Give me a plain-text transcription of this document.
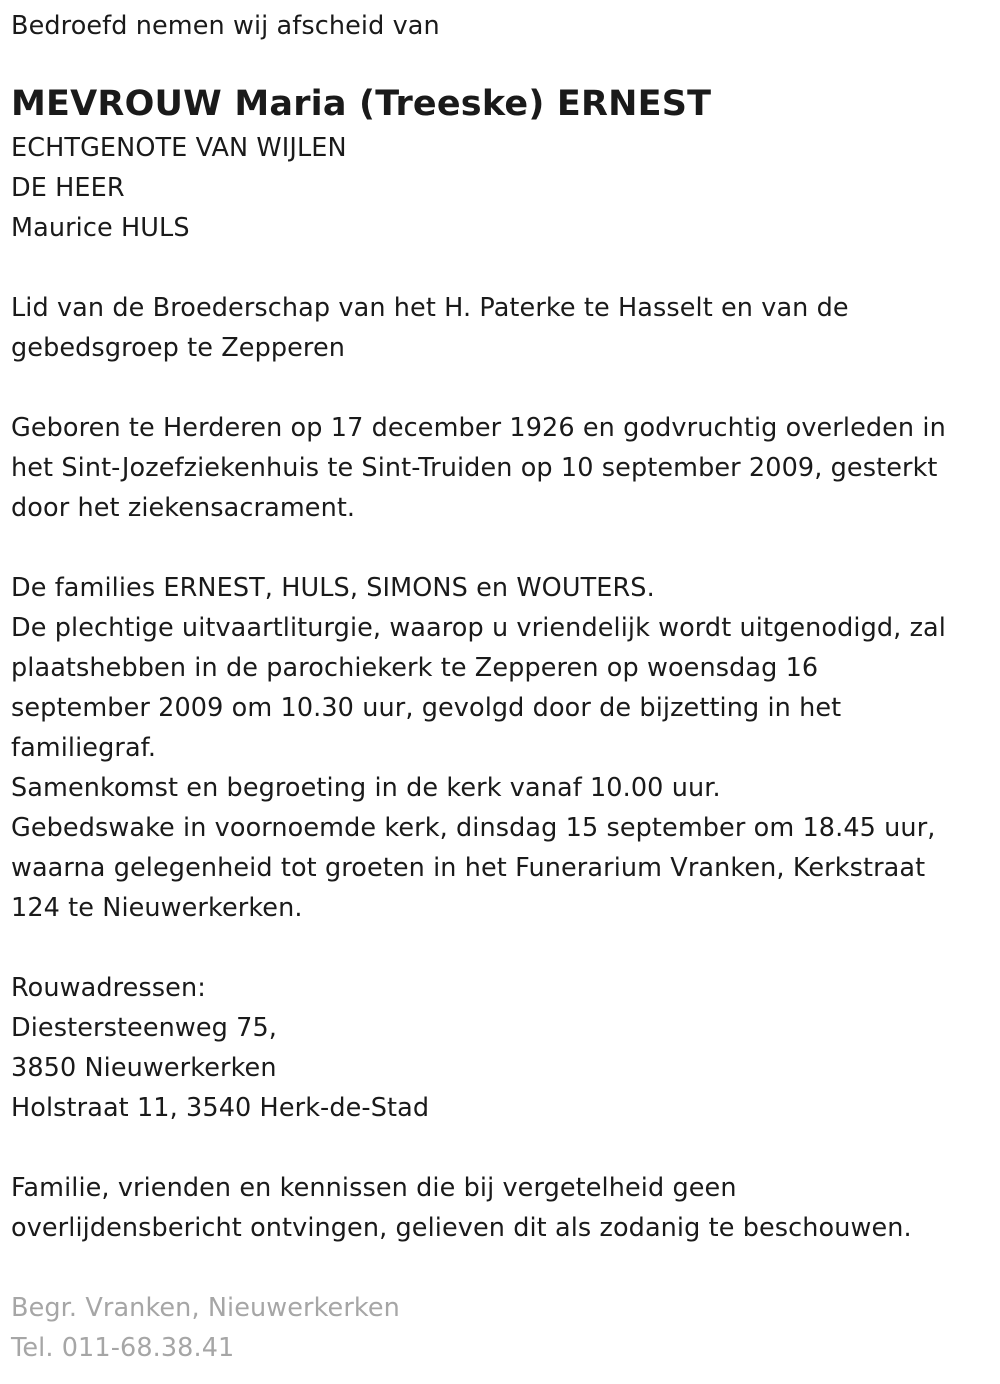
Bedroefd nemen wij afscheid van
MEVROUW Maria (Treeske) ERNEST
ECHTGENOTE VAN WIJLEN
DE HEER
Maurice HULS
Lid van de Broederschap van het H. Paterke te Hasselt en van de
gebedsgroep te Zepperen
Geboren te Herderen op 17 december 1926 en godvruchtig overleden in
het Sint-Jozefziekenhuis te Sint-Truiden op 10 september 2009, gesterkt
door het ziekensacrament.
De families ERNEST, HULS, SIMONS en WOUTERS.
De plechtige uitvaartliturgie, waarop u vriendelijk wordt uitgenodigd, zal
plaatshebben in de parochiekerk te Zepperen op woensdag 16
september 2009 om 10.30 uur, gevolgd door de bijzetting in het
familiegraf.
Samenkomst en begroeting in de kerk vanaf 10.00 uur.
Gebedswake in voornoemde kerk, dinsdag 15 september om 18.45 uur,
waarna gelegenheid tot groeten in het Funerarium Vranken, Kerkstraat
124 te Nieuwerkerken.
Rouwadressen:
Diestersteenweg 75,
3850 Nieuwerkerken
Holstraat 11, 3540 Herk-de-Stad
Familie, vrienden en kennissen die bij vergetelheid geen
overlijdensbericht ontvingen, gelieven dit als zodanig te beschouwen.
Begr. Vranken, Nieuwerkerken
Tel. 011-68.38.41
